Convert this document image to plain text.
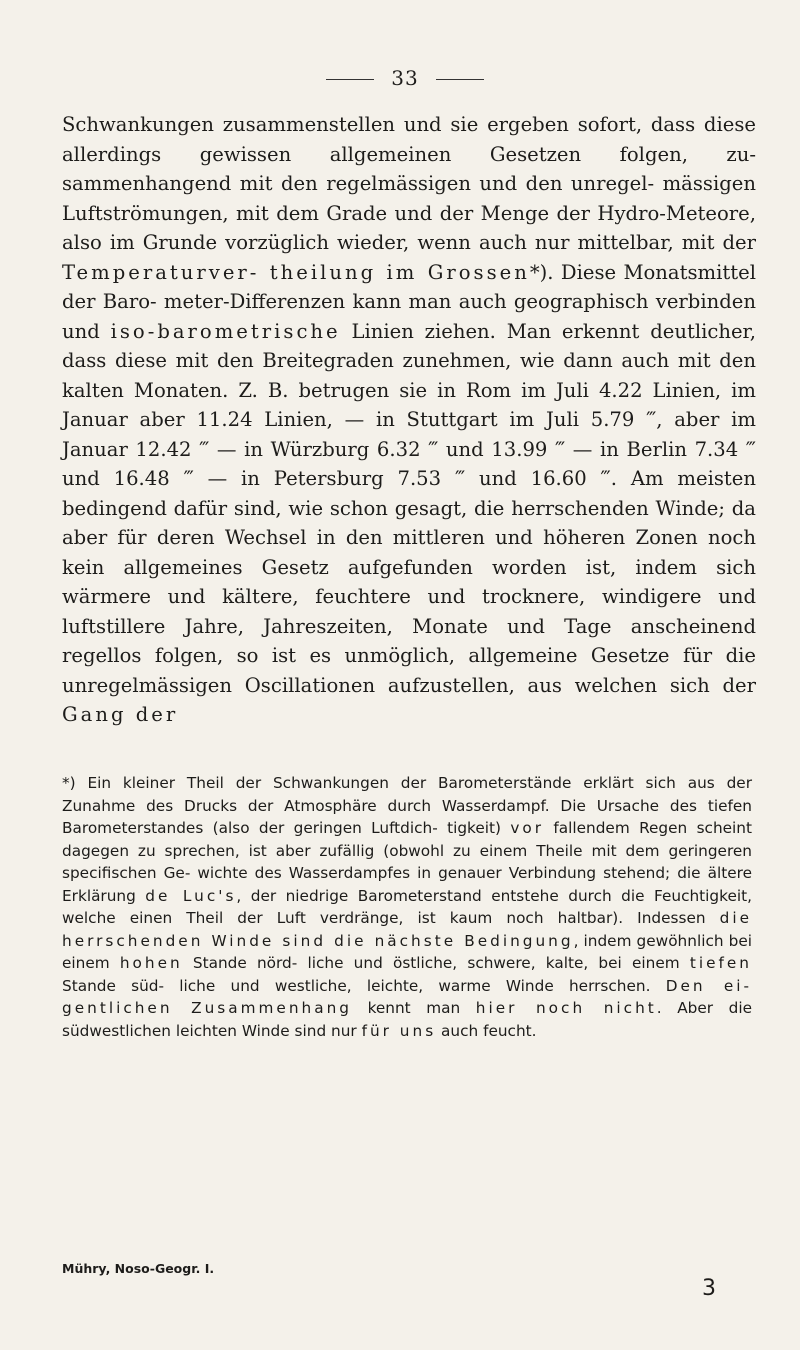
33

Schwankungen zusammenstellen und sie ergeben sofort, dass diese allerdings gewissen allgemeinen Gesetzen folgen, zu- sammenhangend mit den regelmässigen und den unregel- mässigen Luftströmungen, mit dem Grade und der Menge der Hydro-Meteore, also im Grunde vorzüglich wieder, wenn auch nur mittelbar, mit der Temperaturver- theilung im Grossen*). Diese Monatsmittel der Baro- meter-Differenzen kann man auch geographisch verbinden und iso-barometrische Linien ziehen. Man erkennt deutlicher, dass diese mit den Breitegraden zunehmen, wie dann auch mit den kalten Monaten. Z. B. betrugen sie in Rom im Juli 4.22 Linien, im Januar aber 11.24 Linien, — in Stuttgart im Juli 5.79 ‴, aber im Januar 12.42 ‴ — in Würzburg 6.32 ‴ und 13.99 ‴ — in Berlin 7.34 ‴ und 16.48 ‴ — in Petersburg 7.53 ‴ und 16.60 ‴. Am meisten bedingend dafür sind, wie schon gesagt, die herrschenden Winde; da aber für deren Wechsel in den mittleren und höheren Zonen noch kein allgemeines Gesetz aufgefunden worden ist, indem sich wärmere und kältere, feuchtere und trocknere, windigere und luftstillere Jahre, Jahreszeiten, Monate und Tage anscheinend regellos folgen, so ist es unmöglich, allgemeine Gesetze für die unregelmässigen Oscillationen aufzustellen, aus welchen sich der Gang der

*) Ein kleiner Theil der Schwankungen der Barometerstände erklärt sich aus der Zunahme des Drucks der Atmosphäre durch Wasserdampf. Die Ursache des tiefen Barometerstandes (also der geringen Luftdich- tigkeit) vor fallendem Regen scheint dagegen zu sprechen, ist aber zufällig (obwohl zu einem Theile mit dem geringeren specifischen Ge- wichte des Wasserdampfes in genauer Verbindung stehend; die ältere Erklärung de Luc's, der niedrige Barometerstand entstehe durch die Feuchtigkeit, welche einen Theil der Luft verdränge, ist kaum noch haltbar). Indessen die herrschenden Winde sind die nächste Bedingung, indem gewöhnlich bei einem hohen Stande nörd- liche und östliche, schwere, kalte, bei einem tiefen Stande süd- liche und westliche, leichte, warme Winde herrschen. Den ei- gentlichen Zusammenhang kennt man hier noch nicht. Aber die südwestlichen leichten Winde sind nur für uns auch feucht.

Mühry, Noso-Geogr. I.
3
